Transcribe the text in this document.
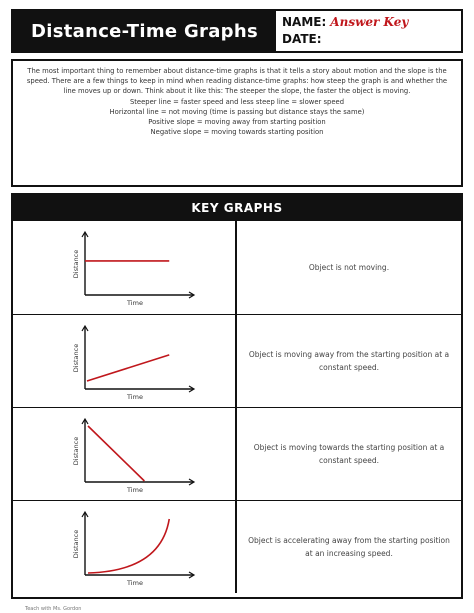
Distance-Time Graphs	NAME: Answer Key
DATE:

The most important thing to remember about distance-time graphs is that it tells a story about motion and the slope is the speed. There are a few things to keep in mind when reading distance-time graphs: how steep the graph is and whether the line moves up or down. Think about it like this: The steeper the slope, the faster the object is moving.

Steeper line = faster speed and less steep line = slower speed

Horizontal line = not moving (time is passing but distance stays the same)

Positive slope = moving away from starting position

Negative slope = moving towards starting position

KEY GRAPHS
Distance
Time
Object is not moving.
Distance
Time
Object is moving away from the starting position at a constant speed.
Distance
Time
Object is moving towards the starting position at a constant speed.
Distance
Time
Object is accelerating away from the starting position at an increasing speed.
Teach with Ms. Gordon
